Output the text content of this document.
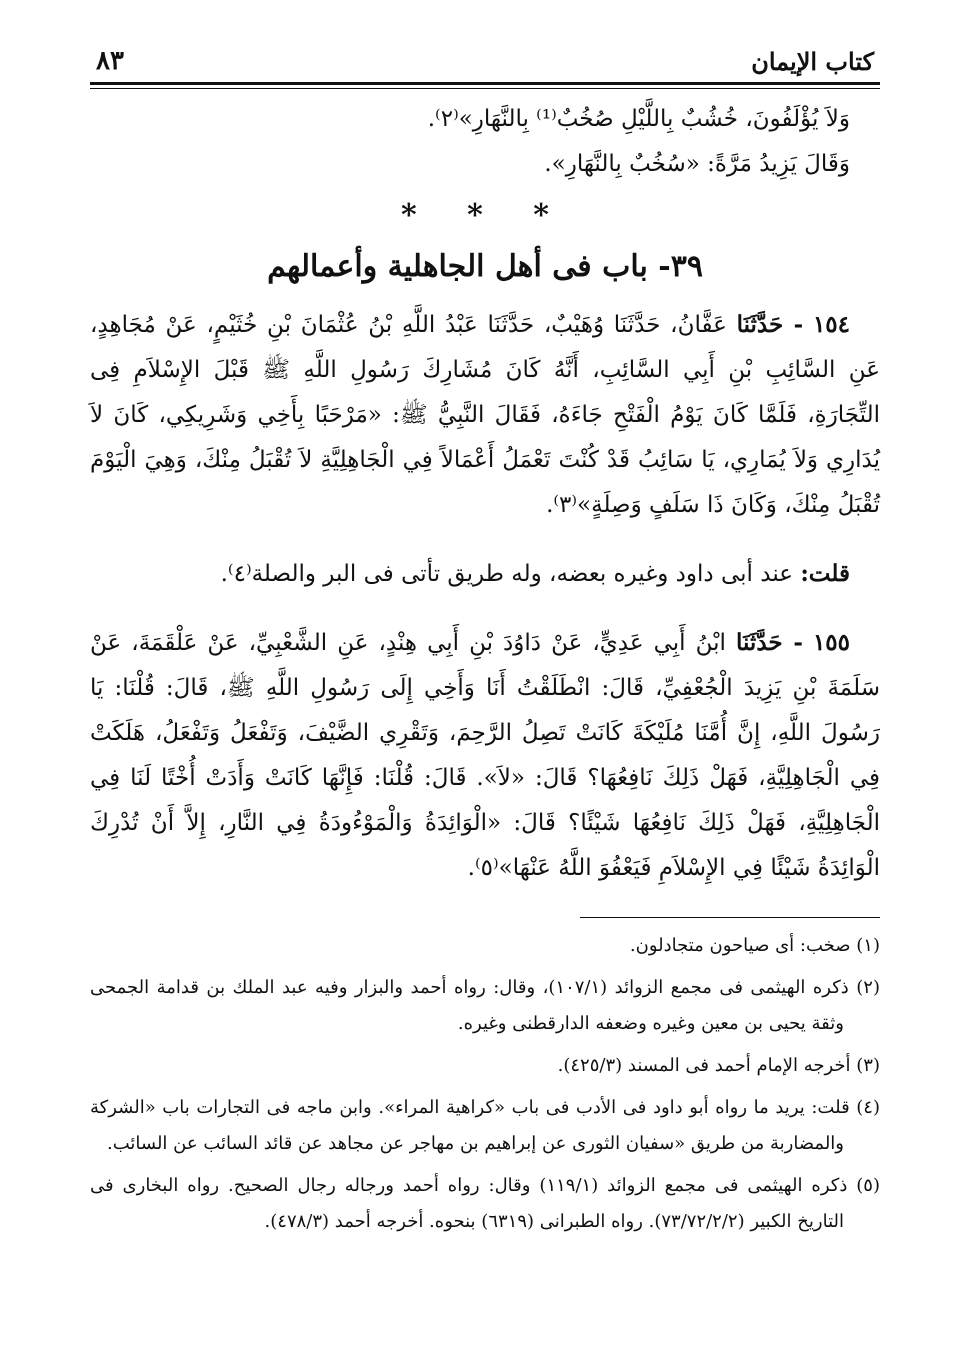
كتاب الإيمان
٨٣

وَلاَ يُؤْلَفُونَ، خُشُبٌ بِاللَّيْلِ صُخُبٌ⁽¹⁾ بِالنَّهَارِ»⁽٢⁾.

وَقَالَ يَزِيدُ مَرَّةً: «سُخُبٌ بِالنَّهَارِ».

* * *
٣٩- باب فى أهل الجاهلية وأعمالهم

١٥٤ - حَدَّثَنَا عَفَّانُ، حَدَّثَنَا وُهَيْبٌ، حَدَّثَنَا عَبْدُ اللَّهِ بْنُ عُثْمَانَ بْنِ خُثَيْمٍ، عَنْ مُجَاهِدٍ، عَنِ السَّائِبِ بْنِ أَبِي السَّائِبِ، أَنَّهُ كَانَ مُشَارِكَ رَسُولِ اللَّهِ ﷺ قَبْلَ الإِسْلاَمِ فِى التِّجَارَةِ، فَلَمَّا كَانَ يَوْمُ الْفَتْحِ جَاءَهُ، فَقَالَ النَّبِيُّ ﷺ: «مَرْحَبًا بِأَخِي وَشَرِيكِي، كَانَ لاَ يُدَارِي وَلاَ يُمَارِي، يَا سَائِبُ قَدْ كُنْتَ تَعْمَلُ أَعْمَالاً فِي الْجَاهِلِيَّةِ لاَ تُقْبَلُ مِنْكَ، وَهِيَ الْيَوْمَ تُقْبَلُ مِنْكَ، وَكَانَ ذَا سَلَفٍ وَصِلَةٍ»⁽٣⁾.

قلت: عند أبى داود وغيره بعضه، وله طريق تأتى فى البر والصلة⁽٤⁾.

١٥٥ - حَدَّثَنَا ابْنُ أَبِي عَدِيٍّ، عَنْ دَاوُدَ بْنِ أَبِي هِنْدٍ، عَنِ الشَّعْبِيِّ، عَنْ عَلْقَمَةَ، عَنْ سَلَمَةَ بْنِ يَزِيدَ الْجُعْفِيِّ، قَالَ: انْطَلَقْتُ أَنَا وَأَخِي إِلَى رَسُولِ اللَّهِ ﷺ، قَالَ: قُلْنَا: يَا رَسُولَ اللَّهِ، إِنَّ أُمَّنَا مُلَيْكَةَ كَانَتْ تَصِلُ الرَّحِمَ، وَتَقْرِي الضَّيْفَ، وَتَفْعَلُ وَتَفْعَلُ، هَلَكَتْ فِي الْجَاهِلِيَّةِ، فَهَلْ ذَلِكَ نَافِعُهَا؟ قَالَ: «لاَ». قَالَ: قُلْنَا: فَإِنَّهَا كَانَتْ وَأَدَتْ أُخْتًا لَنَا فِي الْجَاهِلِيَّةِ، فَهَلْ ذَلِكَ نَافِعُهَا شَيْئًا؟ قَالَ: «الْوَائِدَةُ وَالْمَوْءُودَةُ فِي النَّارِ، إِلاَّ أَنْ تُدْرِكَ الْوَائِدَةُ شَيْئًا فِي الإِسْلاَمِ فَيَعْفُوَ اللَّهُ عَنْهَا»⁽٥⁾.

(١) صخب: أى صياحون متجادلون.

(٢) ذكره الهيثمى فى مجمع الزوائد (١٠٧/١)، وقال: رواه أحمد والبزار وفيه عبد الملك بن قدامة الجمحى وثقة يحيى بن معين وغيره وضعفه الدارقطنى وغيره.

(٣) أخرجه الإمام أحمد فى المسند (٤٢٥/٣).

(٤) قلت: يريد ما رواه أبو داود فى الأدب فى باب «كراهية المراء». وابن ماجه فى التجارات باب «الشركة والمضاربة من طريق «سفيان الثورى عن إبراهيم بن مهاجر عن مجاهد عن قائد السائب عن السائب.

(٥) ذكره الهيثمى فى مجمع الزوائد (١١٩/١) وقال: رواه أحمد ورجاله رجال الصحيح. رواه البخارى فى التاريخ الكبير (٧٣/٧٢/٢/٢). رواه الطبرانى (٦٣١٩) بنحوه. أخرجه أحمد (٤٧٨/٣).
